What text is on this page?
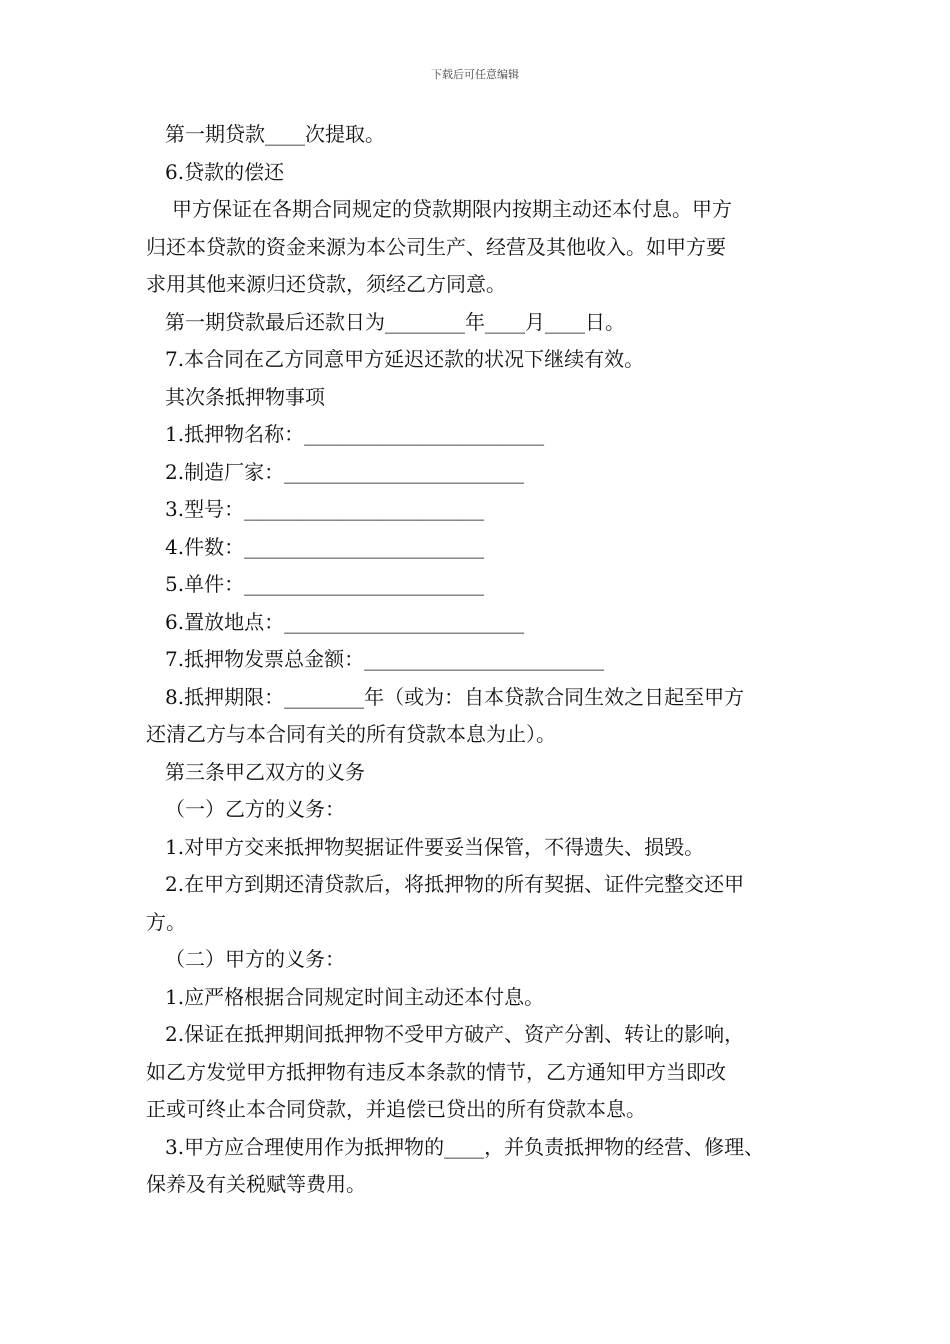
下载后可任意编辑

第一期贷款____次提取。

6.贷款的偿还

甲方保证在各期合同规定的贷款期限内按期主动还本付息。甲方

归还本贷款的资金来源为本公司生产、经营及其他收入。如甲方要

求用其他来源归还贷款，须经乙方同意。

第一期贷款最后还款日为________年____月____日。

7.本合同在乙方同意甲方延迟还款的状况下继续有效。

其次条抵押物事项

1.抵押物名称：________________________

2.制造厂家：________________________

3.型号：________________________

4.件数：________________________

5.单件：________________________

6.置放地点：________________________

7.抵押物发票总金额：________________________

8.抵押期限：________年（或为：自本贷款合同生效之日起至甲方

还清乙方与本合同有关的所有贷款本息为止）。

第三条甲乙双方的义务

（一）乙方的义务：

1.对甲方交来抵押物契据证件要妥当保管，不得遗失、损毁。

2.在甲方到期还清贷款后，将抵押物的所有契据、证件完整交还甲

方。

（二）甲方的义务：

1.应严格根据合同规定时间主动还本付息。

2.保证在抵押期间抵押物不受甲方破产、资产分割、转让的影响，

如乙方发觉甲方抵押物有违反本条款的情节，乙方通知甲方当即改

正或可终止本合同贷款，并追偿已贷出的所有贷款本息。

3.甲方应合理使用作为抵押物的____，并负责抵押物的经营、修理、

保养及有关税赋等费用。
